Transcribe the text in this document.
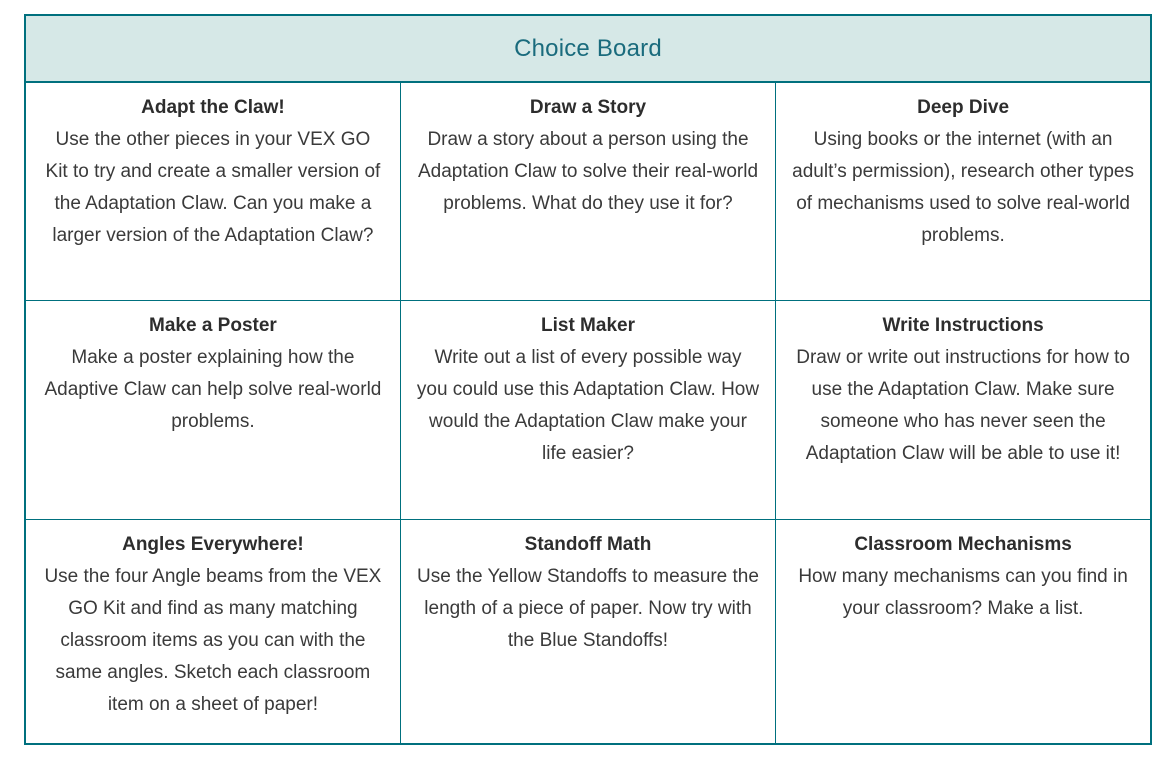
Choice Board		

Adapt the Claw!
Use the other pieces in your VEX GO Kit to try and create a smaller version of the Adaptation Claw. Can you make a larger version of the Adaptation Claw?

Draw a Story
Draw a story about a person using the Adaptation Claw to solve their real-world problems. What do they use it for?

Deep Dive
Using books or the internet (with an adult’s permission), research other types of mechanisms used to solve real-world problems.

Make a Poster
Make a poster explaining how the Adaptive Claw can help solve real-world problems.

List Maker
Write out a list of every possible way you could use this Adaptation Claw. How would the Adaptation Claw make your life easier?

Write Instructions
Draw or write out instructions for how to use the Adaptation Claw. Make sure someone who has never seen the Adaptation Claw will be able to use it!

Angles Everywhere!
Use the four Angle beams from the VEX GO Kit and find as many matching classroom items as you can with the same angles. Sketch each classroom item on a sheet of paper!

Standoff Math
Use the Yellow Standoffs to measure the length of a piece of paper. Now try with the Blue Standoffs!

Classroom Mechanisms
How many mechanisms can you find in your classroom? Make a list.
